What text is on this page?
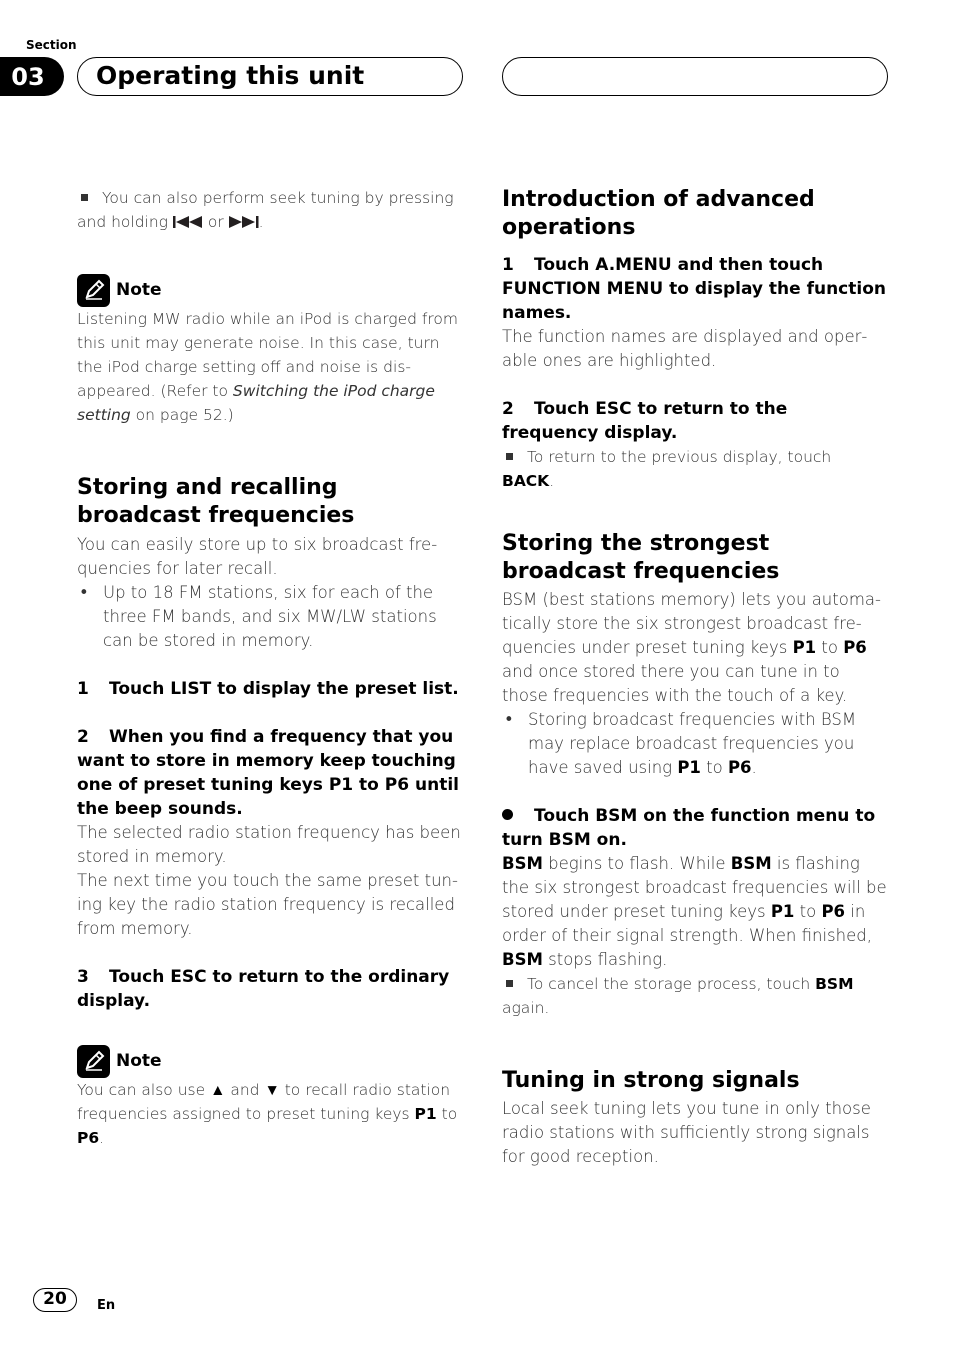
Section
03	Operating this unit

You can also perform seek tuning by pressing and holding  or .

Note

Listening MW radio while an iPod is charged from this unit may generate noise. In this case, turn the iPod charge setting off and noise is disappeared. (Refer to Switching the iPod charge setting on page 52.)

Storing and recalling broadcast frequencies

You can easily store up to six broadcast frequencies for later recall.

• Up to 18 FM stations, six for each of the three FM bands, and six MW/LW stations can be stored in memory.

1 Touch LIST to display the preset list.

2 When you find a frequency that you want to store in memory keep touching one of preset tuning keys P1 to P6 until the beep sounds.

The selected radio station frequency has been stored in memory.

The next time you touch the same preset tuning key the radio station frequency is recalled from memory.

3 Touch ESC to return to the ordinary display.

Note

You can also use ▲ and ▼ to recall radio station frequencies assigned to preset tuning keys P1 to P6.

Introduction of advanced operations

1 Touch A.MENU and then touch FUNCTION MENU to display the function names.

The function names are displayed and operable ones are highlighted.

2 Touch ESC to return to the frequency display.

To return to the previous display, touch BACK.

Storing the strongest broadcast frequencies

BSM (best stations memory) lets you automatically store the six strongest broadcast frequencies under preset tuning keys P1 to P6 and once stored there you can tune in to those frequencies with the touch of a key.

• Storing broadcast frequencies with BSM may replace broadcast frequencies you have saved using P1 to P6.

Touch BSM on the function menu to turn BSM on.

BSM begins to flash. While BSM is flashing the six strongest broadcast frequencies will be stored under preset tuning keys P1 to P6 in order of their signal strength. When finished, BSM stops flashing.

To cancel the storage process, touch BSM again.

Tuning in strong signals

Local seek tuning lets you tune in only those radio stations with sufficiently strong signals for good reception.

20	En
